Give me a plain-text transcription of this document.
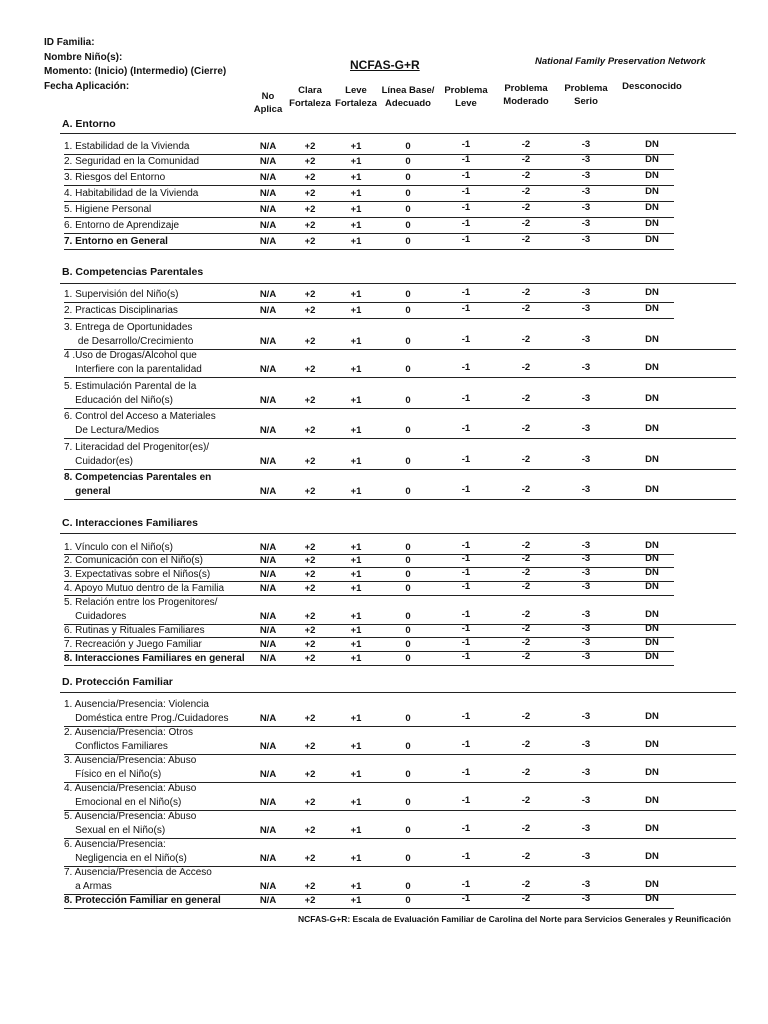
ID Familia:
Nombre Niño(s):
Momento: (Inicio) (Intermedio) (Cierre)
Fecha Aplicación:
NCFAS-G+R	National Family Preservation Network
No
Aplica
Clara
Fortaleza
Leve
Fortaleza
Línea Base/
Adecuado
Problema
Leve
Problema
Moderado
Problema
Serio
Desconocido
A. Entorno
1. Estabilidad de la Vivienda	N/A	+2	+1	0	-1	-2	-3	DN
2. Seguridad en la Comunidad	N/A	+2	+1	0	-1	-2	-3	DN
3. Riesgos del Entorno	N/A	+2	+1	0	-1	-2	-3	DN
4. Habitabilidad de la Vivienda	N/A	+2	+1	0	-1	-2	-3	DN
5. Higiene Personal	N/A	+2	+1	0	-1	-2	-3	DN
6. Entorno de Aprendizaje	N/A	+2	+1	0	-1	-2	-3	DN
7. Entorno en General	N/A	+2	+1	0	-1	-2	-3	DN
B. Competencias Parentales
1. Supervisión del Niño(s)	N/A	+2	+1	0	-1	-2	-3	DN
2. Practicas Disciplinarias	N/A	+2	+1	0	-1	-2	-3	DN
3. Entrega de Oportunidades
de Desarrollo/Crecimiento	N/A	+2	+1	0	-1	-2	-3	DN
4 .Uso de Drogas/Alcohol que
Interfiere con la parentalidad	N/A	+2	+1	0	-1	-2	-3	DN
5. Estimulación Parental de la
Educación del Niño(s)	N/A	+2	+1	0	-1	-2	-3	DN
6. Control del Acceso a Materiales
De Lectura/Medios	N/A	+2	+1	0	-1	-2	-3	DN
7. Literacidad del Progenitor(es)/
Cuidador(es)	N/A	+2	+1	0	-1	-2	-3	DN
8. Competencias Parentales en
general	N/A	+2	+1	0	-1	-2	-3	DN
C. Interacciones Familiares
1. Vínculo con el Niño(s)	N/A	+2	+1	0	-1	-2	-3	DN
2. Comunicación con el Niño(s)	N/A	+2	+1	0	-1	-2	-3	DN
3. Expectativas sobre el Niños(s)	N/A	+2	+1	0	-1	-2	-3	DN
4. Apoyo Mutuo dentro de la Familia	N/A	+2	+1	0	-1	-2	-3	DN
5. Relación entre los Progenitores/
Cuidadores	N/A	+2	+1	0	-1	-2	-3	DN
6. Rutinas y Rituales Familiares	N/A	+2	+1	0	-1	-2	-3	DN
7. Recreación y Juego Familiar	N/A	+2	+1	0	-1	-2	-3	DN
8. Interacciones Familiares en general	N/A	+2	+1	0	-1	-2	-3	DN
D. Protección Familiar
1. Ausencia/Presencia: Violencia
Doméstica entre Prog./Cuidadores	N/A	+2	+1	0	-1	-2	-3	DN
2. Ausencia/Presencia: Otros
Conflictos Familiares	N/A	+2	+1	0	-1	-2	-3	DN
3. Ausencia/Presencia: Abuso
Físico en el Niño(s)	N/A	+2	+1	0	-1	-2	-3	DN
4. Ausencia/Presencia: Abuso
Emocional en el Niño(s)	N/A	+2	+1	0	-1	-2	-3	DN
5. Ausencia/Presencia: Abuso
Sexual en el Niño(s)	N/A	+2	+1	0	-1	-2	-3	DN
6. Ausencia/Presencia:
Negligencia en el Niño(s)	N/A	+2	+1	0	-1	-2	-3	DN
7. Ausencia/Presencia de Acceso
a Armas	N/A	+2	+1	0	-1	-2	-3	DN
8. Protección Familiar en general	N/A	+2	+1	0	-1	-2	-3	DN
NCFAS-G+R: Escala de Evaluación Familiar de Carolina del Norte para Servicios Generales y Reunificación
